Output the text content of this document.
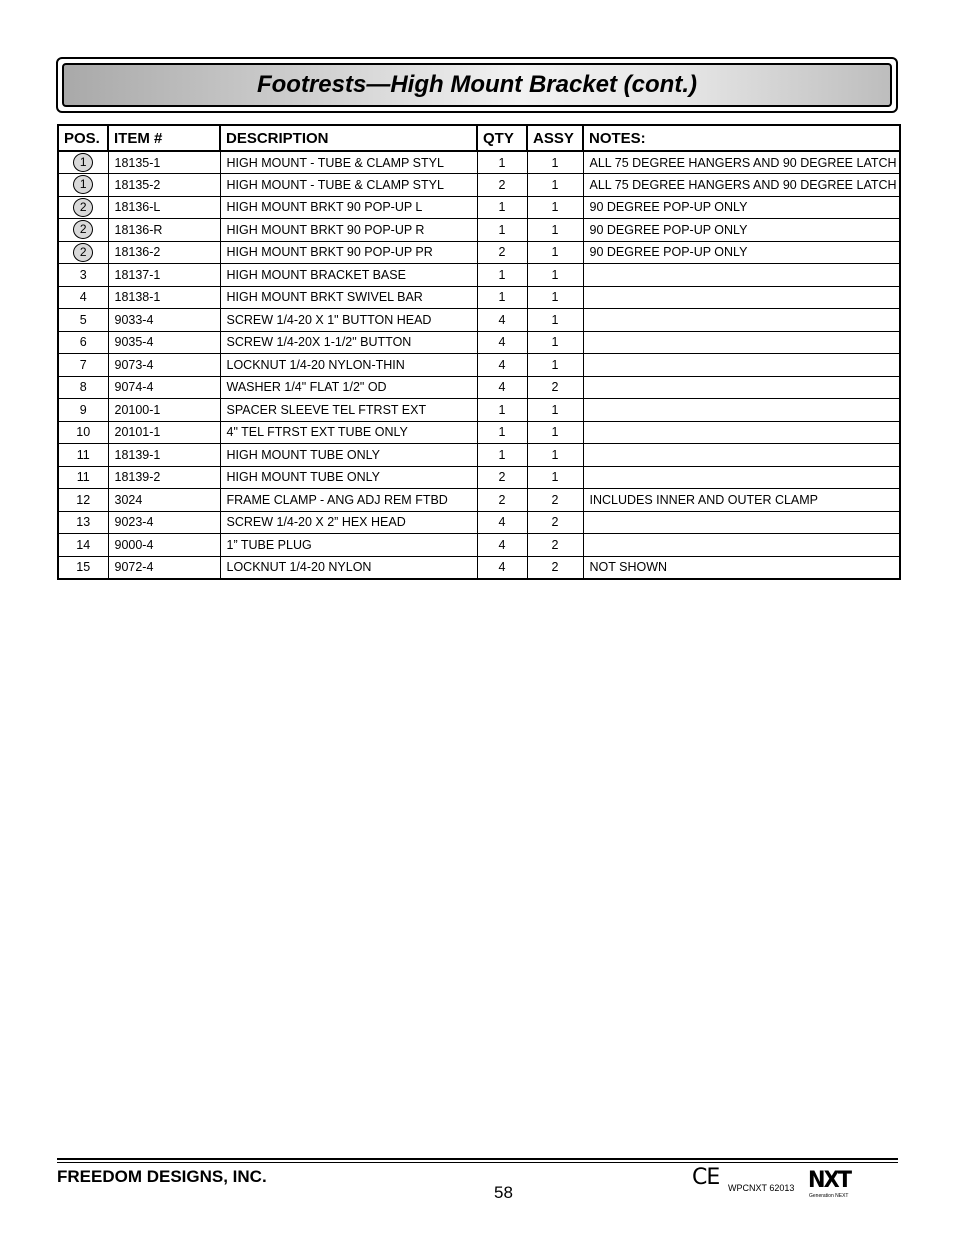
Footrests—High Mount Bracket (cont.)
POS.	ITEM #	DESCRIPTION	QTY	ASSY	NOTES:
1	18135-1	HIGH MOUNT - TUBE & CLAMP STYL	1	1	ALL 75 DEGREE HANGERS AND 90 DEGREE LATCH
1	18135-2	HIGH MOUNT - TUBE & CLAMP STYL	2	1	ALL 75 DEGREE HANGERS AND 90 DEGREE LATCH
2	18136-L	HIGH MOUNT BRKT 90 POP-UP L	1	1	90 DEGREE POP-UP ONLY
2	18136-R	HIGH MOUNT BRKT 90 POP-UP R	1	1	90 DEGREE POP-UP ONLY
2	18136-2	HIGH MOUNT BRKT 90 POP-UP PR	2	1	90 DEGREE POP-UP ONLY
3	18137-1	HIGH MOUNT BRACKET BASE	1	1	
4	18138-1	HIGH MOUNT BRKT SWIVEL BAR	1	1	
5	9033-4	SCREW 1/4-20 X 1" BUTTON HEAD	4	1	
6	9035-4	SCREW 1/4-20X 1-1/2" BUTTON	4	1	
7	9073-4	LOCKNUT 1/4-20 NYLON-THIN	4	1	
8	9074-4	WASHER 1/4" FLAT 1/2" OD	4	2	
9	20100-1	SPACER SLEEVE TEL FTRST EXT	1	1	
10	20101-1	4" TEL FTRST EXT TUBE ONLY	1	1	
11	18139-1	HIGH MOUNT TUBE ONLY	1	1	
11	18139-2	HIGH MOUNT TUBE ONLY	2	1	
12	3024	FRAME CLAMP - ANG ADJ REM FTBD	2	2	INCLUDES INNER AND OUTER CLAMP
13	9023-4	SCREW 1/4-20 X 2” HEX HEAD	4	2	
14	9000-4	1” TUBE PLUG	4	2	
15	9072-4	LOCKNUT 1/4-20 NYLON	4	2	NOT SHOWN
FREEDOM DESIGNS, INC.
58
CE WPCNXT 62013 NXT
Generation NEXT
